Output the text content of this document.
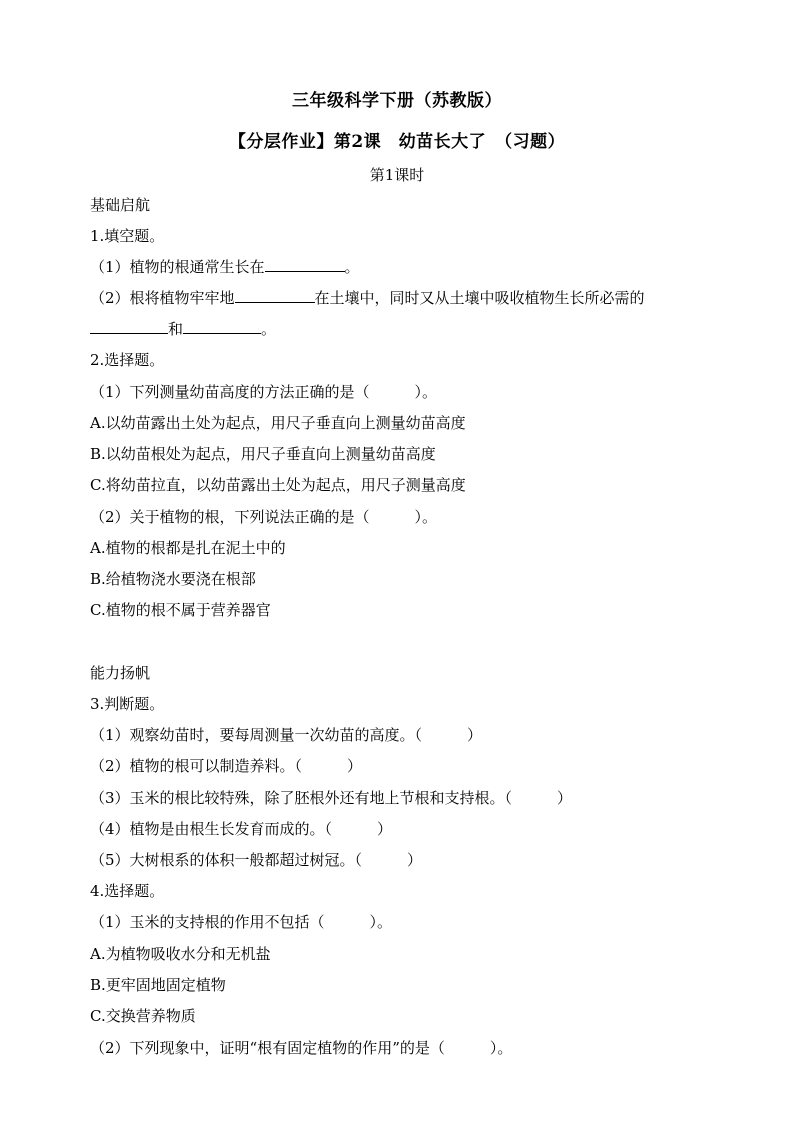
三年级科学下册（苏教版）
【分层作业】第2课　幼苗长大了　（习题）
第1课时
基础启航
1.填空题。
（1）植物的根通常生长在	。
（2）根将植物牢牢地	在土壤中，同时又从土壤中吸收植物生长所必需的
和	。
2.选择题。
（1）下列测量幼苗高度的方法正确的是（　　　）。
A.以幼苗露出土处为起点，用尺子垂直向上测量幼苗高度
B.以幼苗根处为起点，用尺子垂直向上测量幼苗高度
C.将幼苗拉直，以幼苗露出土处为起点，用尺子测量高度
（2）关于植物的根，下列说法正确的是（　　　）。
A.植物的根都是扎在泥土中的
B.给植物浇水要浇在根部
C.植物的根不属于营养器官
能力扬帆
3.判断题。
（1）观察幼苗时，要每周测量一次幼苗的高度。（　　　）
（2）植物的根可以制造养料。（　　　）
（3）玉米的根比较特殊，除了胚根外还有地上节根和支持根。（　　　）
（4）植物是由根生长发育而成的。（　　　）
（5）大树根系的体积一般都超过树冠。（　　　）
4.选择题。
（1）玉米的支持根的作用不包括（　　　）。
A.为植物吸收水分和无机盐
B.更牢固地固定植物
C.交换营养物质
（2）下列现象中，证明“根有固定植物的作用”的是（　　　）。
